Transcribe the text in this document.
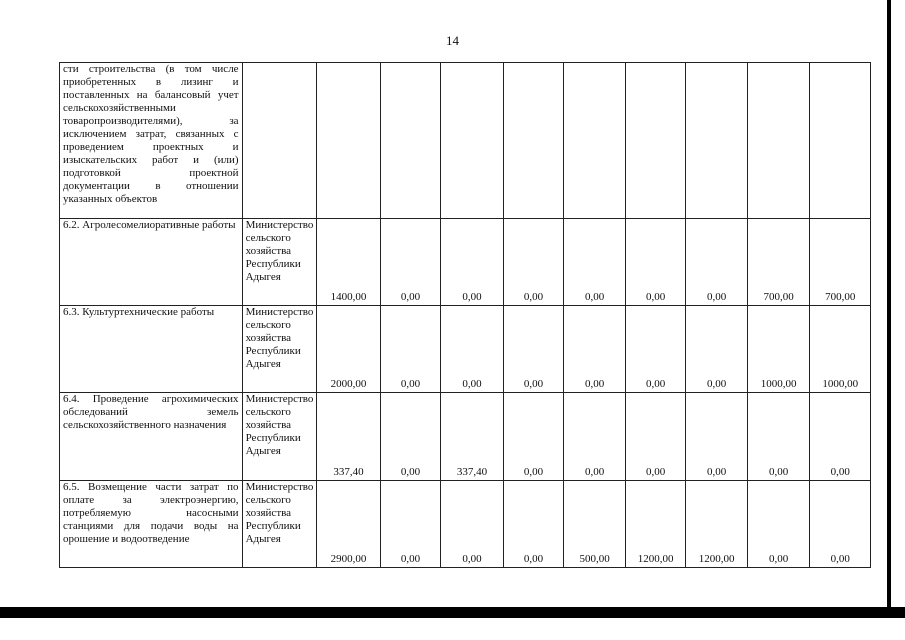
14
сти строительства (в том числе приобретенных в лизинг и поставленных на балансовый учет сельскохозяйственными товаропроизводителями), за исключением затрат, связанных с проведением проектных и изыскательских работ и (или) подготовкой проектной документации в отношении указанных объектов										
6.2. Агролесомелиоративные работы	Министерство сельского хозяйства Республики Адыгея	1400,00	0,00	0,00	0,00	0,00	0,00	0,00	700,00	700,00
6.3. Культуртехнические работы	Министерство сельского хозяйства Республики Адыгея	2000,00	0,00	0,00	0,00	0,00	0,00	0,00	1000,00	1000,00
6.4. Проведение агрохимических обследований земель сельскохозяйственного назначения	Министерство сельского хозяйства Республики Адыгея	337,40	0,00	337,40	0,00	0,00	0,00	0,00	0,00	0,00
6.5. Возмещение части затрат по оплате за электроэнергию, потребляемую насосными станциями для подачи воды на орошение и водоотведение	Министерство сельского хозяйства Республики Адыгея	2900,00	0,00	0,00	0,00	500,00	1200,00	1200,00	0,00	0,00
